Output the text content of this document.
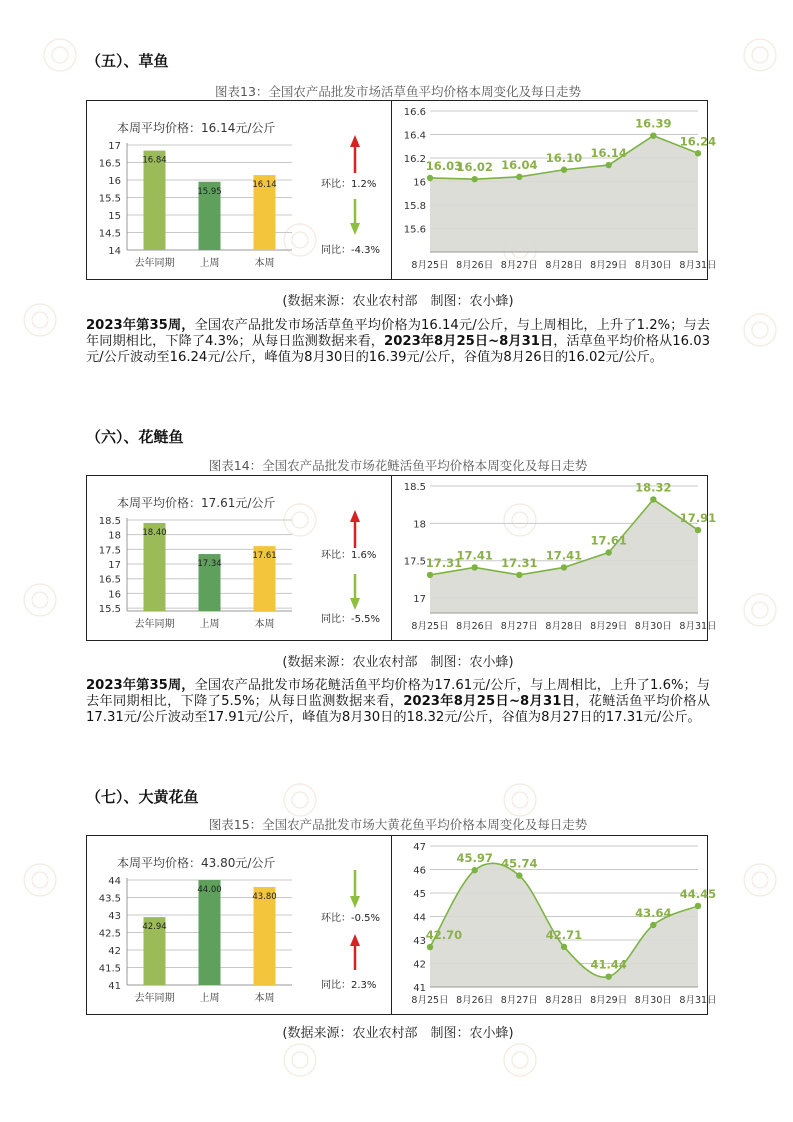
（五）、草鱼
图表13：全国农产品批发市场活草鱼平均价格本周变化及每日走势
本周平均价格：16.14元/公斤
14
14.5
15
15.5
16
16.5
17
16.84
去年同期
15.95
上周
16.14
本周
环比：1.2%
同比：-4.3%
15.6
15.8
16
16.2
16.4
16.6
16.03
8月25日
16.02
8月26日
16.04
8月27日
16.10
8月28日
16.14
8月29日
16.39
8月30日
16.24
8月31日
(数据来源：农业农村部　制图：农小蜂)
2023年第35周，全国农产品批发市场活草鱼平均价格为16.14元/公斤，与上周相比，上升了1.2%；与去年同期相比，下降了4.3%；从每日监测数据来看，2023年8月25日~8月31日，活草鱼平均价格从16.03元/公斤波动至16.24元/公斤，峰值为8月30日的16.39元/公斤，谷值为8月26日的16.02元/公斤。
（六）、花鲢鱼
图表14：全国农产品批发市场花鲢活鱼平均价格本周变化及每日走势
本周平均价格：17.61元/公斤
15.5
16
16.5
17
17.5
18
18.5
18.40
去年同期
17.34
上周
17.61
本周
环比：1.6%
同比：-5.5%
17
17.5
18
18.5
17.31
8月25日
17.41
8月26日
17.31
8月27日
17.41
8月28日
17.61
8月29日
18.32
8月30日
17.91
8月31日
(数据来源：农业农村部　制图：农小蜂)
2023年第35周，全国农产品批发市场花鲢活鱼平均价格为17.61元/公斤，与上周相比，上升了1.6%；与去年同期相比，下降了5.5%；从每日监测数据来看，2023年8月25日~8月31日，花鲢活鱼平均价格从17.31元/公斤波动至17.91元/公斤，峰值为8月30日的18.32元/公斤，谷值为8月27日的17.31元/公斤。
（七）、大黄花鱼
图表15：全国农产品批发市场大黄花鱼平均价格本周变化及每日走势
本周平均价格：43.80元/公斤
41
41.5
42
42.5
43
43.5
44
42.94
去年同期
44.00
上周
43.80
本周
环比：-0.5%
同比：2.3%	41
42
43
44
45
46
47
42.70
8月25日
45.97
8月26日
45.74
8月27日
42.71
8月28日
41.44
8月29日
43.64
8月30日
44.45
8月31日
(数据来源：农业农村部　制图：农小蜂)
